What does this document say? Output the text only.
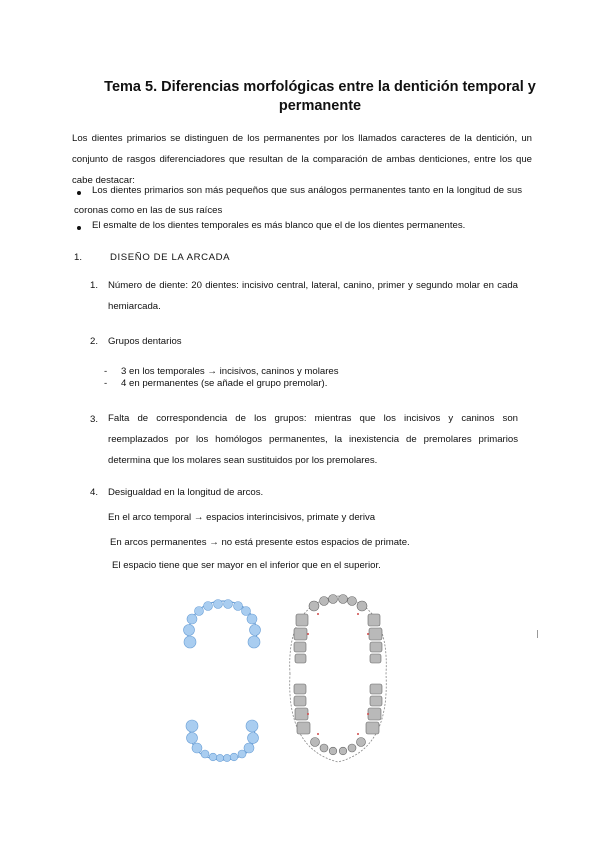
Tema 5. Diferencias morfológicas entre la dentición temporal y
permanente
Los dientes primarios se distinguen de los permanentes por los llamados caracteres de la dentición, un
conjunto de rasgos diferenciadores que resultan de la comparación de ambas denticiones, entre los que
cabe destacar:
Los dientes primarios son más pequeños que sus análogos permanentes tanto en la longitud de sus
coronas como en las de sus raíces
El esmalte de los dientes temporales es más blanco que el de los dientes permanentes.
1.	DISEÑO DE LA ARCADA
1. Número de diente: 20 dientes: incisivo central, lateral, canino, primer y segundo molar en cada
hemiarcada.
2. Grupos dentarios
- 3 en los temporales → incisivos, caninos y molares
- 4 en permanentes (se añade el grupo premolar).
3. Falta de correspondencia de los grupos: mientras que los incisivos y caninos son
reemplazados por los homólogos permanentes, la inexistencia de premolares primarios
determina que los molares sean sustituidos por los premolares.
4. Desigualdad en la longitud de arcos.
En el arco temporal → espacios interincisivos, primate y deriva
En arcos permanentes → no está presente estos espacios de primate.
El espacio tiene que ser mayor en el inferior que en el superior.
